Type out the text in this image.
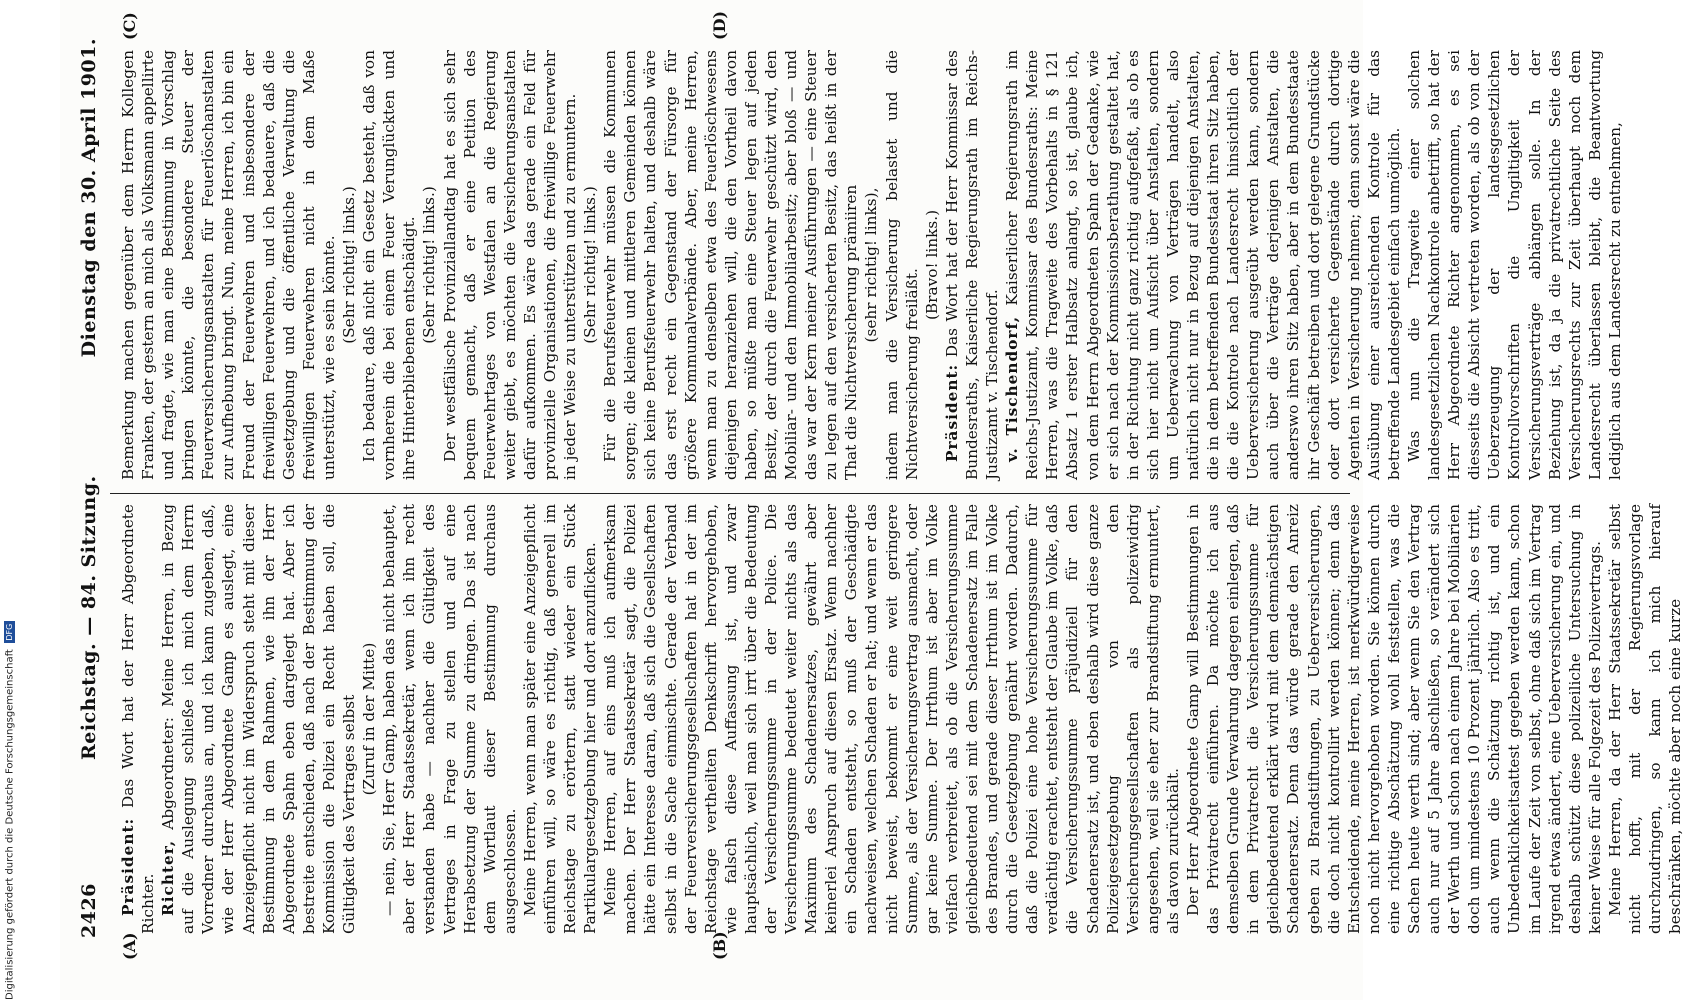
Digitalisierung gefördert durch die Deutsche ForschungsgemeinschaftDFG
2426
Reichstag. — 84. Sitzung.
Dienstag den 30. April 1901.
(A)	(B)
(C)	(D)

Präsident: Das Wort hat der Herr Abgeordnete Richter. Richter, Abgeordneter: Meine Herren, in Bezug auf die Auslegung schließe ich mich dem Herrn Vorredner durchaus an, und ich kann zugeben, daß, wie der Herr Abgeordnete Gamp es auslegt, eine Anzeigepflicht nicht im Widerspruch steht mit dieser Bestimmung in dem Rahmen, wie ihn der Herr Abgeordnete Spahn eben dargelegt hat. Aber ich bestreite entschieden, daß nach der Bestimmung der Kommission die Polizei ein Recht haben soll, die Gültigkeit des Vertrages selbst (Zuruf in der Mitte) — nein, Sie, Herr Gamp, haben das nicht behauptet, aber der Herr Staatssekretär, wenn ich ihn recht verstanden habe — nachher die Gültigkeit des Vertrages in Frage zu stellen und auf eine Herabsetzung der Summe zu dringen. Das ist nach dem Wortlaut dieser Bestimmung durchaus ausgeschlossen. Meine Herren, wenn man später eine Anzeigepflicht einführen will, so wäre es richtig, daß generell im Reichstage zu erörtern, statt wieder ein Stück Partikulargesetzgebung hier und dort anzuflicken. Meine Herren, auf eins muß ich aufmerksam machen. Der Herr Staatssekretär sagt, die Polizei hätte ein Interesse daran, daß sich die Gesellschaften selbst in die Sache einmischte. Gerade der Verband der Feuerversicherungsgesellschaften hat in der im Reichstage vertheilten Denkschrift hervorgehoben, wie falsch diese Auffassung ist, und zwar hauptsächlich, weil man sich irrt über die Bedeutung der Versicherungssumme in der Police. Die Versicherungssumme bedeutet weiter nichts als das Maximum des Schadenersatzes, gewährt aber keinerlei Anspruch auf diesen Ersatz. Wenn nachher ein Schaden entsteht, so muß der Geschädigte nachweisen, welchen Schaden er hat; und wenn er das nicht beweist, bekommt er eine weit geringere Summe, als der Versicherungsvertrag ausmacht, oder gar keine Summe. Der Irrthum ist aber im Volke vielfach verbreitet, als ob die Versicherungssumme gleichbedeutend sei mit dem Schadenersatz im Falle des Brandes, und gerade dieser Irrthum ist im Volke durch die Gesetzgebung genährt worden. Dadurch, daß die Polizei eine hohe Versicherungssumme für verdächtig erachtet, entsteht der Glaube im Volke, daß die Versicherungssumme präjudiziell für den Schadenersatz ist, und eben deshalb wird diese ganze Polizeigesetzgebung von den Versicherungsgesellschaften als polizeiwidrig angesehen, weil sie eher zur Brandstiftung ermuntert, als davon zurückhält. Der Herr Abgeordnete Gamp will Bestimmungen in das Privatrecht einführen. Da möchte ich aus demselben Grunde Verwahrung dagegen einlegen, daß in dem Privatrecht die Versicherungssumme für gleichbedeutend erklärt wird mit dem demnächstigen Schadenersatz. Denn das würde gerade den Anreiz geben zu Brandstiftungen, zu Ueberversicherungen, die doch nicht kontrollirt werden können; denn das Entscheidende, meine Herren, ist merkwürdigerweise noch nicht hervorgehoben worden. Sie können durch eine richtige Abschätzung wohl feststellen, was die Sachen heute werth sind; aber wenn Sie den Vertrag auch nur auf 5 Jahre abschließen, so verändert sich der Werth und schon nach einem Jahre bei Mobiliarien doch um mindestens 10 Prozent jährlich. Also es tritt, auch wenn die Schätzung richtig ist, und ein Unbedenklichkeitsattest gegeben werden kann, schon im Laufe der Zeit von selbst, ohne daß sich im Vertrag irgend etwas ändert, eine Ueberversicherung ein, und deshalb schützt diese polizeiliche Untersuchung in keiner Weise für alle Folgezeit des Polizeivertrags. Meine Herren, da der Herr Staatssekretär selbst nicht hofft, mit der Regierungsvorlage durchzudringen, so kann ich mich hierauf beschränken, möchte aber noch eine kurze

Bemerkung machen gegenüber dem Herrn Kollegen Franken, der gestern an mich als Volksmann appellirte und fragte, wie man eine Bestimmung in Vorschlag bringen könnte, die besondere Steuer der Feuerversicherungsanstalten für Feuerlöschanstalten zur Aufhebung bringt. Nun, meine Herren, ich bin ein Freund der Feuerwehren und insbesondere der freiwilligen Feuerwehren, und ich bedauere, daß die Gesetzgebung und die öffentliche Verwaltung die freiwilligen Feuerwehren nicht in dem Maße unterstützt, wie es sein könnte. (Sehr richtig! links.) Ich bedaure, daß nicht ein Gesetz besteht, daß von vornherein die bei einem Feuer Verunglückten und ihre Hinterbliebenen entschädigt. (Sehr richtig! links.) Der westfälische Provinziallandtag hat es sich sehr bequem gemacht, daß er eine Petition des Feuerwehrtages von Westfalen an die Regierung weiter giebt, es möchten die Versicherungsanstalten dafür aufkommen. Es wäre das gerade ein Feld für provinzielle Organisationen, die freiwillige Feuerwehr in jeder Weise zu unterstützen und zu ermuntern. (Sehr richtig! links.) Für die Berufsfeuerwehr müssen die Kommunen sorgen; die kleinen und mittleren Gemeinden können sich keine Berufsfeuerwehr halten, und deshalb wäre das erst recht ein Gegenstand der Fürsorge für größere Kommunalverbände. Aber, meine Herren, wenn man zu denselben etwa des Feuerlöschwesens diejenigen heranziehen will, die den Vortheil davon haben, so müßte man eine Steuer legen auf jeden Besitz, der durch die Feuerwehr geschützt wird, den Mobiliar- und den Immobiliarbesitz; aber bloß — und das war der Kern meiner Ausführungen — eine Steuer zu legen auf den versicherten Besitz, das heißt in der That die Nichtversicherung prämiiren (sehr richtig! links), indem man die Versicherung belastet und die Nichtversicherung freiläßt.

(Bravo! links.)

Präsident: Das Wort hat der Herr Kommissar des Bundesraths, Kaiserliche Regierungsrath im Reichs-Justizamt v. Tischendorf. v. Tischendorf, Kaiserlicher Regierungsrath im Reichs-Justizamt, Kommissar des Bundesraths: Meine Herren, was die Tragweite des Vorbehalts in § 121 Absatz 1 erster Halbsatz anlangt, so ist, glaube ich, von dem Herrn Abgeordneten Spahn der Gedanke, wie er sich nach der Kommissionsberathung gestaltet hat, in der Richtung nicht ganz richtig aufgefaßt, als ob es sich hier nicht um Aufsicht über Anstalten, sondern um Ueberwachung von Verträgen handelt, also natürlich nicht nur in Bezug auf diejenigen Anstalten, die in dem betreffenden Bundesstaat ihren Sitz haben, die die Kontrole nach Landesrecht hinsichtlich der Ueberversicherung ausgeübt werden kann, sondern auch über die Verträge derjenigen Anstalten, die anderswo ihren Sitz haben, aber in dem Bundesstaate ihr Geschäft betreiben und dort gelegene Grundstücke oder dort versicherte Gegenstände durch dortige Agenten in Versicherung nehmen; denn sonst wäre die Ausübung einer ausreichenden Kontrole für das betreffende Landesgebiet einfach unmöglich. Was nun die Tragweite einer solchen landesgesetzlichen Nachkontrole anbetrifft, so hat der Herr Abgeordnete Richter angenommen, es sei diesseits die Absicht vertreten worden, als ob von der Ueberzeugung der landesgesetzlichen Kontrollvorschriften die Ungiltigkeit der Versicherungsverträge abhängen solle. In der Beziehung ist, da ja die privatrechtliche Seite des Versicherungsrechts zur Zeit überhaupt noch dem Landesrecht überlassen bleibt, die Beantwortung lediglich aus dem Landesrecht zu entnehmen,
